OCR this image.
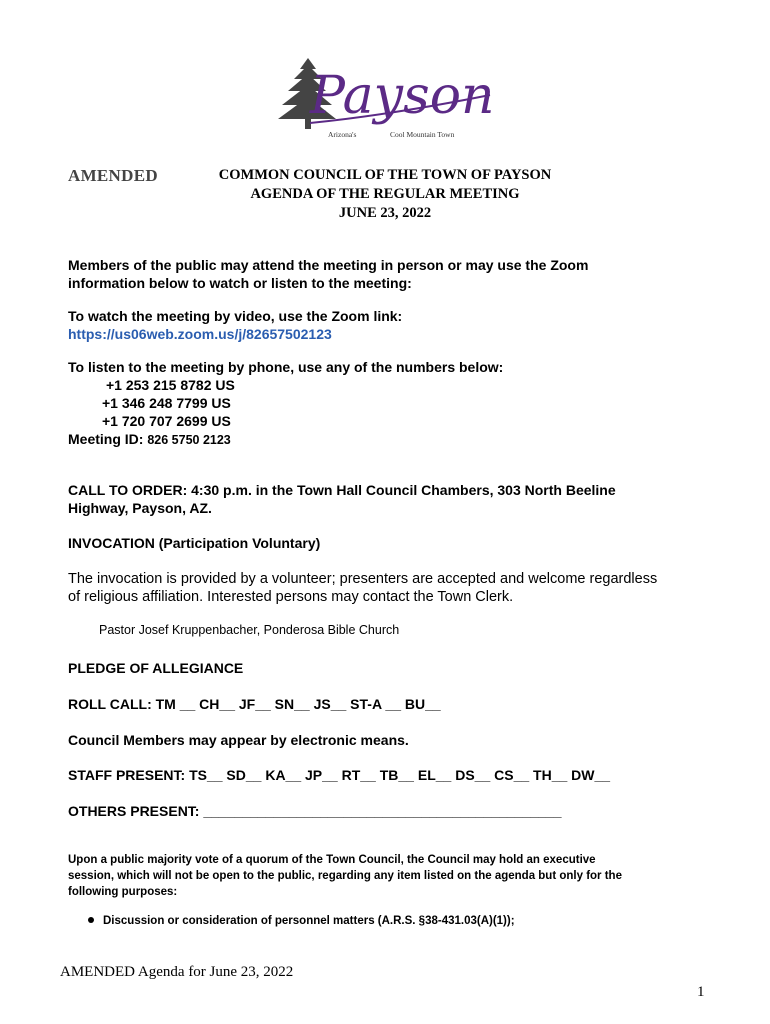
Payson
Arizona's	Cool Mountain Town
AMENDED	COMMON COUNCIL OF THE TOWN OF PAYSON
AGENDA OF THE REGULAR MEETING
JUNE 23, 2022
Members of the public may attend the meeting in person or may use the Zoom
information below to watch or listen to the meeting:
To watch the meeting by video, use the Zoom link:
https://us06web.zoom.us/j/82657502123
To listen to the meeting by phone, use any of the numbers below:
+1 253 215 8782 US
+1 346 248 7799 US
+1 720 707 2699 US
Meeting ID: 826 5750 2123
CALL TO ORDER: 4:30 p.m. in the Town Hall Council Chambers, 303 North Beeline
Highway, Payson, AZ.
INVOCATION (Participation Voluntary)
The invocation is provided by a volunteer; presenters are accepted and welcome regardless
of religious affiliation. Interested persons may contact the Town Clerk.
Pastor Josef Kruppenbacher, Ponderosa Bible Church
PLEDGE OF ALLEGIANCE
ROLL CALL: TM __ CH__ JF__ SN__ JS__ ST-A __ BU__
Council Members may appear by electronic means.
STAFF PRESENT: TS__ SD__ KA__ JP__ RT__ TB__ EL__ DS__ CS__ TH__ DW__
OTHERS PRESENT: ______________________________________________
Upon a public majority vote of a quorum of the Town Council, the Council may hold an executive
session, which will not be open to the public, regarding any item listed on the agenda but only for the
following purposes:
Discussion or consideration of personnel matters (A.R.S. §38-431.03(A)(1));
AMENDED Agenda for June 23, 2022
1
